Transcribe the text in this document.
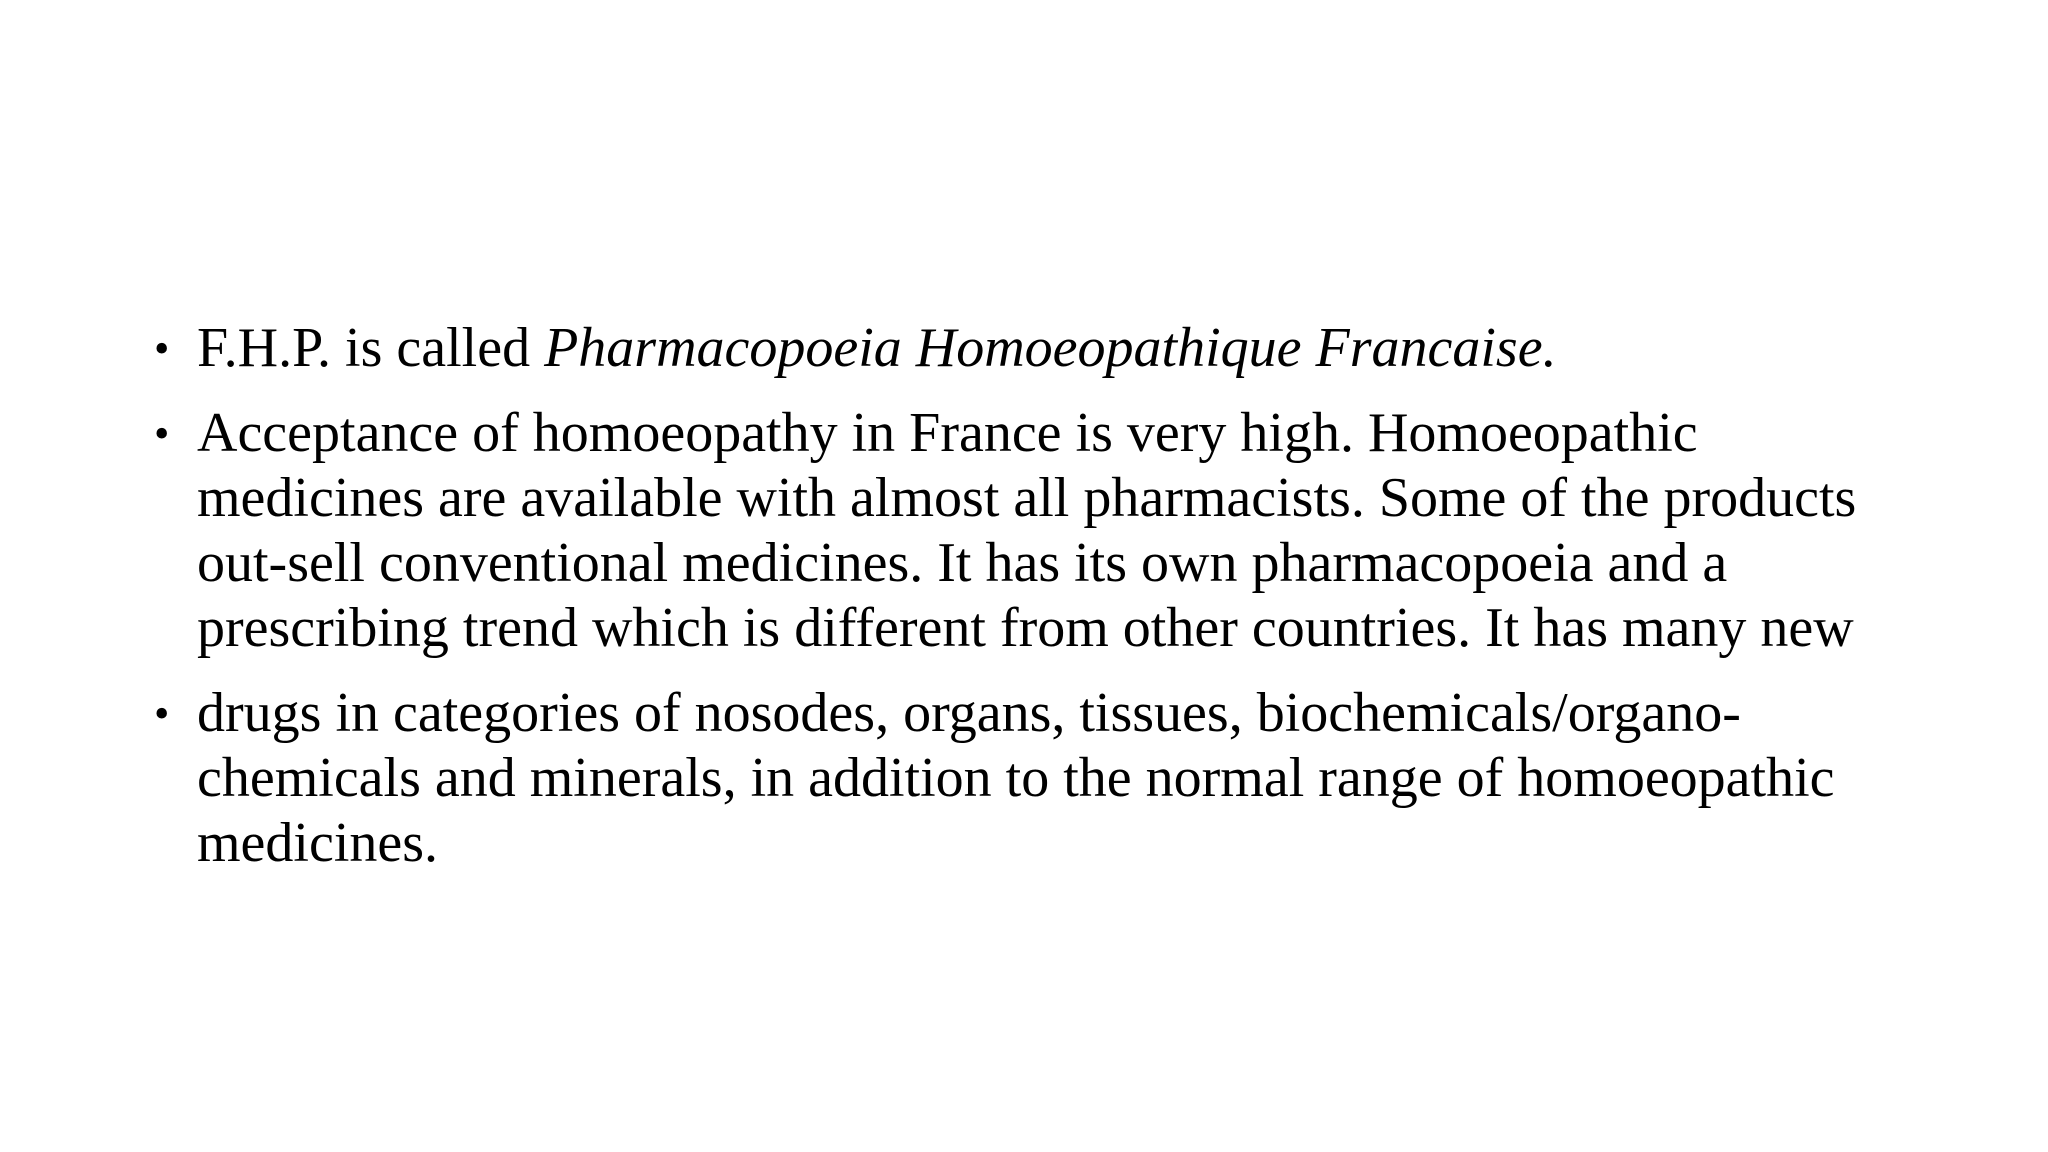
• F.H.P. is called Pharmacopoeia Homoeopathique Francaise.
• Acceptance of homoeopathy in France is very high. Homoeopathic medicines are available with almost all pharmacists. Some of the products out-sell conventional medicines. It has its own pharmacopoeia and a prescribing trend which is different from other countries. It has many new
• drugs in categories of nosodes, organs, tissues, biochemicals/organo-chemicals and minerals, in addition to the normal range of homoeopathic medicines.
